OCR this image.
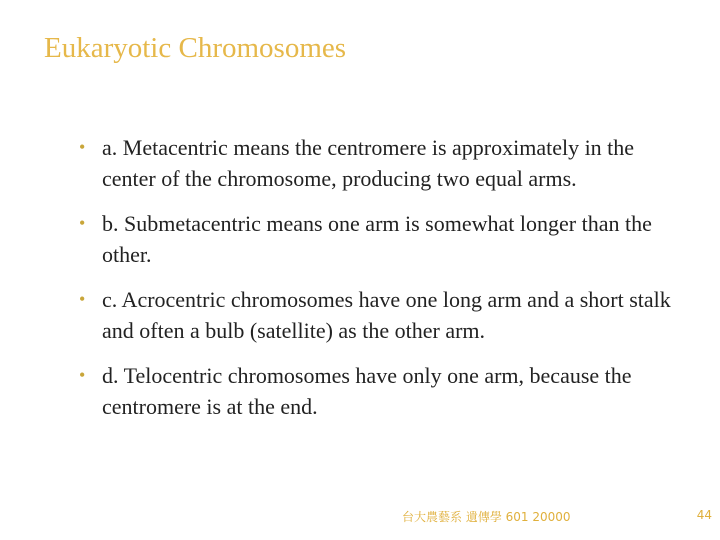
Eukaryotic Chromosomes
• a. Metacentric means the centromere is approximately in the center of the chromosome, producing two equal arms.
• b. Submetacentric means one arm is somewhat longer than the other.
• c. Acrocentric chromosomes have one long arm and a short stalk and often a bulb (satellite) as the other arm.
• d. Telocentric chromosomes have only one arm, because the centromere is at the end.
台大農藝系 遺傳學 601 20000	44
